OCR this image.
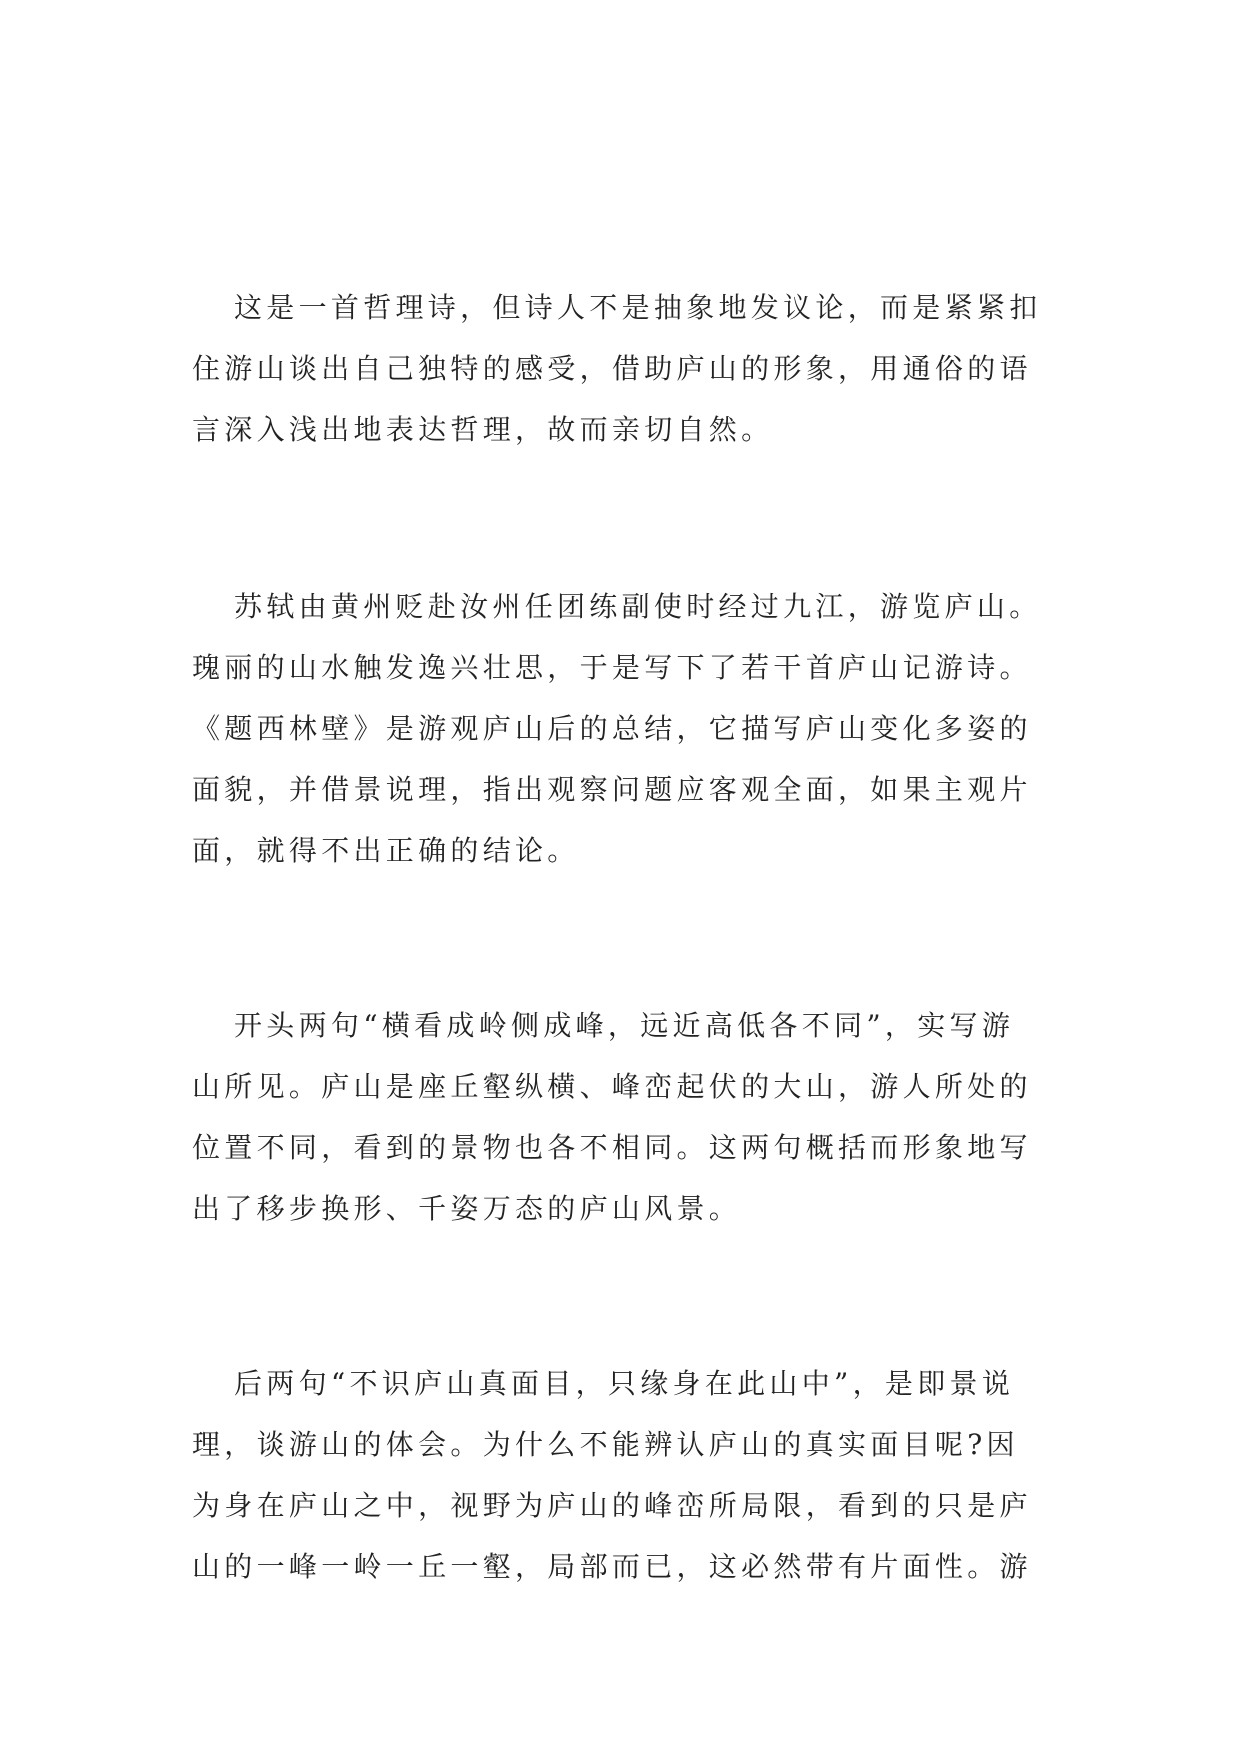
这是一首哲理诗，但诗人不是抽象地发议论，而是紧紧扣
住游山谈出自己独特的感受，借助庐山的形象，用通俗的语
言深入浅出地表达哲理，故而亲切自然。
苏轼由黄州贬赴汝州任团练副使时经过九江，游览庐山。
瑰丽的山水触发逸兴壮思，于是写下了若干首庐山记游诗。
《题西林壁》是游观庐山后的总结，它描写庐山变化多姿的
面貌，并借景说理，指出观察问题应客观全面，如果主观片
面，就得不出正确的结论。
开头两句“横看成岭侧成峰，远近高低各不同”，实写游
山所见。庐山是座丘壑纵横、峰峦起伏的大山，游人所处的
位置不同，看到的景物也各不相同。这两句概括而形象地写
出了移步换形、千姿万态的庐山风景。
后两句“不识庐山真面目，只缘身在此山中”，是即景说
理，谈游山的体会。为什么不能辨认庐山的真实面目呢?因
为身在庐山之中，视野为庐山的峰峦所局限，看到的只是庐
山的一峰一岭一丘一壑，局部而已，这必然带有片面性。游
